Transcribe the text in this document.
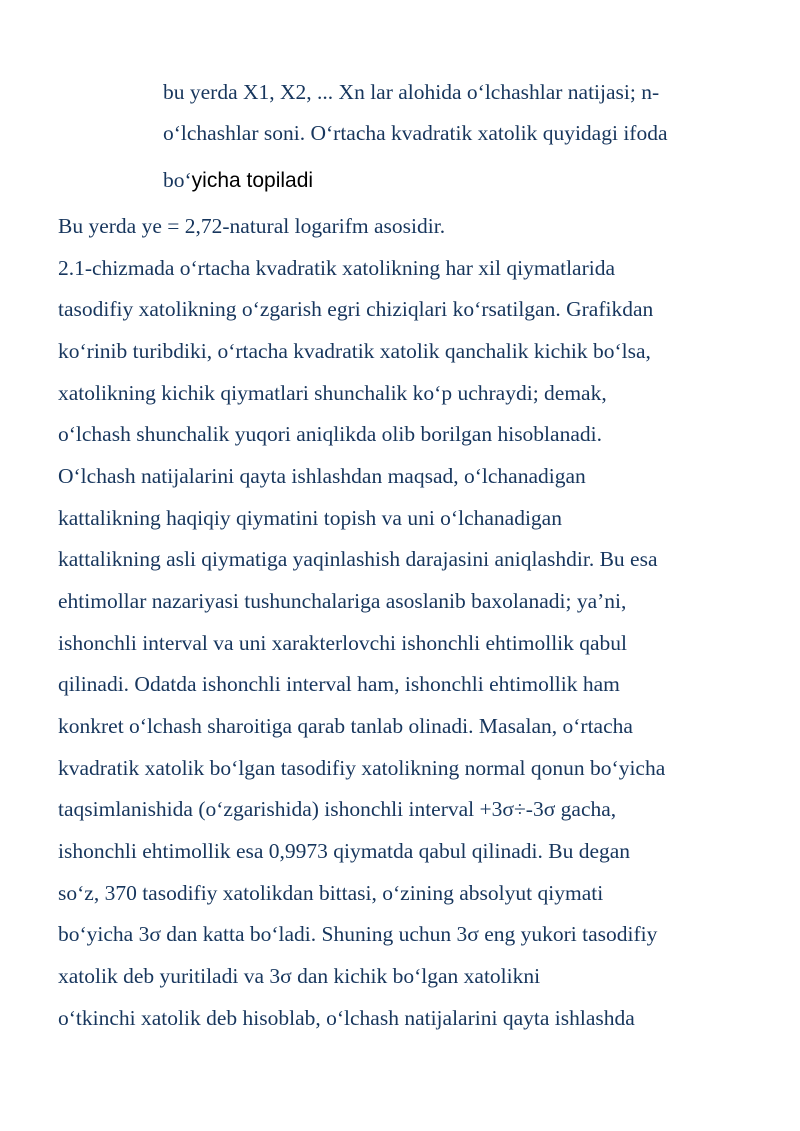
bu yerda X1, X2, ... Xn lar alohida o‘lchashlar natijasi; n-
o‘lchashlar soni. O‘rtacha kvadratik xatolik quyidagi ifoda
bo‘yicha topiladi
Bu yerda ye = 2,72-natural logarifm asosidir.
2.1-chizmada o‘rtacha kvadratik xatolikning har xil qiymatlarida
tasodifiy xatolikning o‘zgarish egri chiziqlari ko‘rsatilgan. Grafikdan
ko‘rinib turibdiki, o‘rtacha kvadratik xatolik qanchalik kichik bo‘lsa,
xatolikning kichik qiymatlari shunchalik ko‘p uchraydi; demak,
o‘lchash shunchalik yuqori aniqlikda olib borilgan hisoblanadi.
O‘lchash natijalarini qayta ishlashdan maqsad, o‘lchanadigan
kattalikning haqiqiy qiymatini topish va uni o‘lchanadigan
kattalikning asli qiymatiga yaqinlashish darajasini aniqlashdir. Bu esa
ehtimollar nazariyasi tushunchalariga asoslanib baxolanadi; ya’ni,
ishonchli interval va uni xarakterlovchi ishonchli ehtimollik qabul
qilinadi. Odatda ishonchli interval ham, ishonchli ehtimollik ham
konkret o‘lchash sharoitiga qarab tanlab olinadi. Masalan, o‘rtacha
kvadratik xatolik bo‘lgan tasodifiy xatolikning normal qonun bo‘yicha
taqsimlanishida (o‘zgarishida) ishonchli interval +3σ÷-3σ gacha,
ishonchli ehtimollik esa 0,9973 qiymatda qabul qilinadi. Bu degan
so‘z, 370 tasodifiy xatolikdan bittasi, o‘zining absolyut qiymati
bo‘yicha 3σ dan katta bo‘ladi. Shuning uchun 3σ eng yukori tasodifiy
xatolik deb yuritiladi va 3σ dan kichik bo‘lgan xatolikni
o‘tkinchi xatolik deb hisoblab, o‘lchash natijalarini qayta ishlashda
